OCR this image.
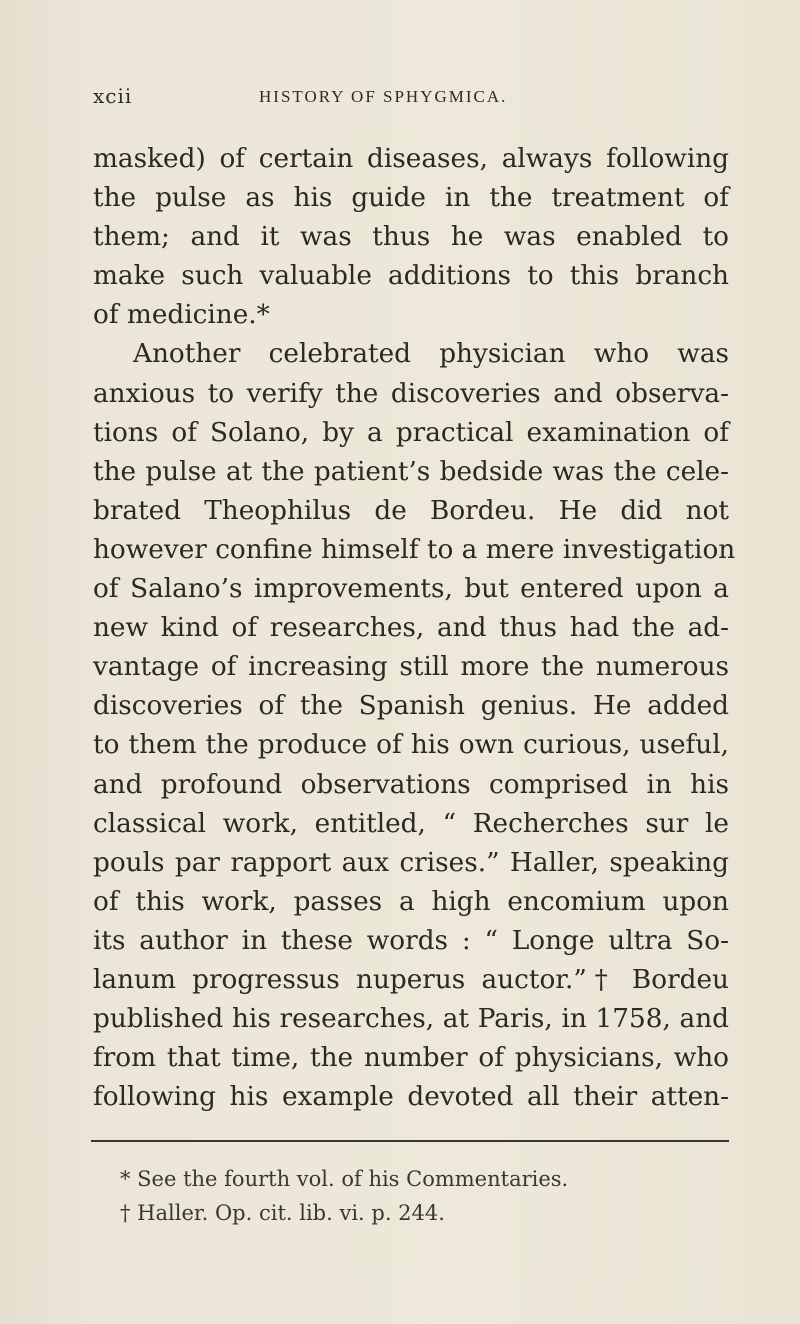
xcii	HISTORY OF SPHYGMICA.
masked) of certain diseases, always following
the pulse as his guide in the treatment of
them; and it was thus he was enabled to
make such valuable additions to this branch
of medicine.*
Another celebrated physician who was
anxious to verify the discoveries and observa-
tions of Solano, by a practical examination of
the pulse at the patient’s bedside was the cele-
brated Theophilus de Bordeu. He did not
however confine himself to a mere investigation
of Salano’s improvements, but entered upon a
new kind of researches, and thus had the ad-
vantage of increasing still more the numerous
discoveries of the Spanish genius. He added
to them the produce of his own curious, useful,
and profound observations comprised in his
classical work, entitled, “ Recherches sur le
pouls par rapport aux crises.” Haller, speaking
of this work, passes a high encomium upon
its author in these words : “ Longe ultra So-
lanum progressus nuperus auctor.”† Bordeu
published his researches, at Paris, in 1758, and
from that time, the number of physicians, who
following his example devoted all their atten-
* See the fourth vol. of his Commentaries.
† Haller. Op. cit. lib. vi. p. 244.
